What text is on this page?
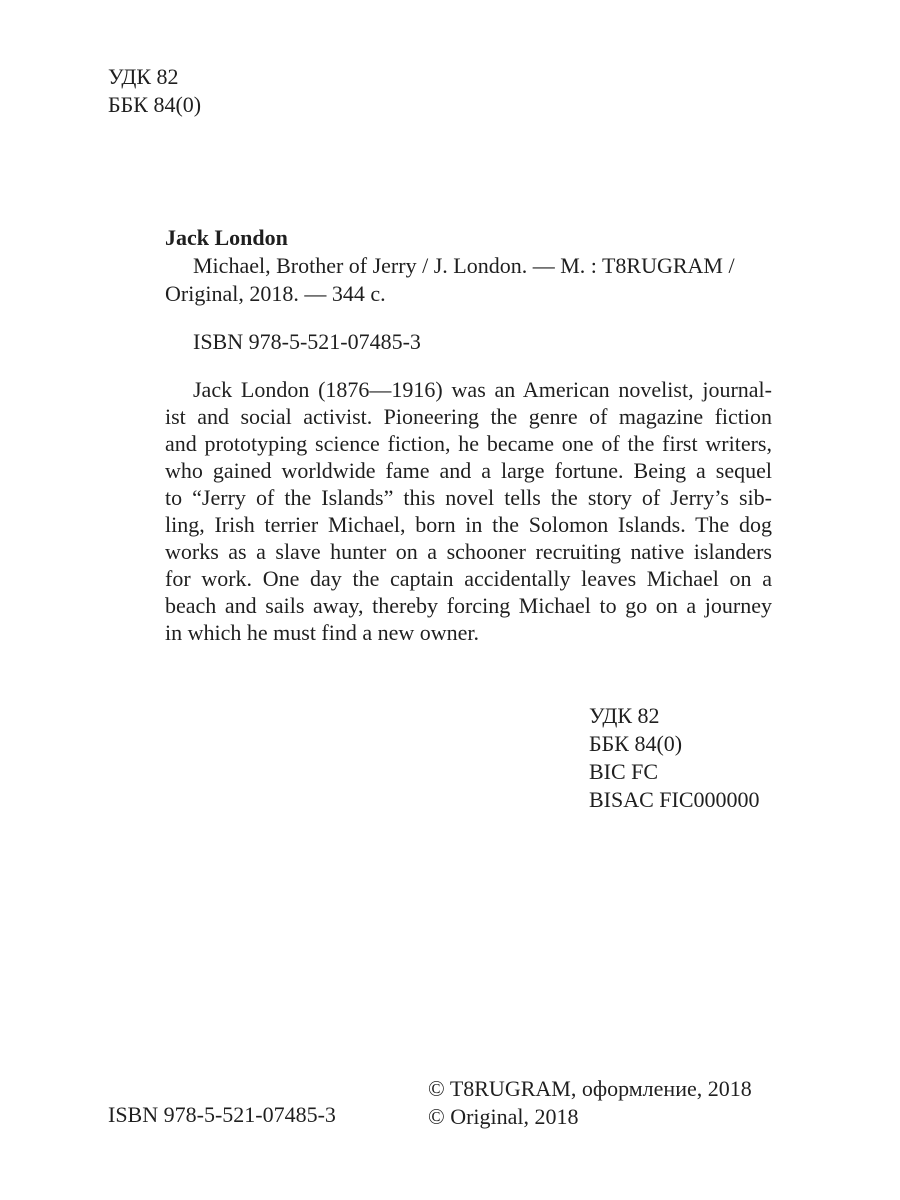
УДК 82
ББК 84(0)
Jack London
Michael, Brother of Jerry / J. London. — M. : T8RUGRAM /
Original, 2018. — 344 c.
ISBN 978-5-521-07485-3
Jack London (1876—1916) was an American novelist, journal-
ist and social activist. Pioneering the genre of magazine fiction
and prototyping science fiction, he became one of the first writers,
who gained worldwide fame and a large fortune. Being a sequel
to “Jerry of the Islands” this novel tells the story of Jerry’s sib-
ling, Irish terrier Michael, born in the Solomon Islands. The dog
works as a slave hunter on a schooner recruiting native islanders
for work. One day the captain accidentally leaves Michael on a
beach and sails away, thereby forcing Michael to go on a journey
in which he must find a new owner.
УДК 82
ББК 84(0)
BIC FC
BISAC FIC000000
ISBN 978-5-521-07485-3
© T8RUGRAM, оформление, 2018
© Original, 2018
